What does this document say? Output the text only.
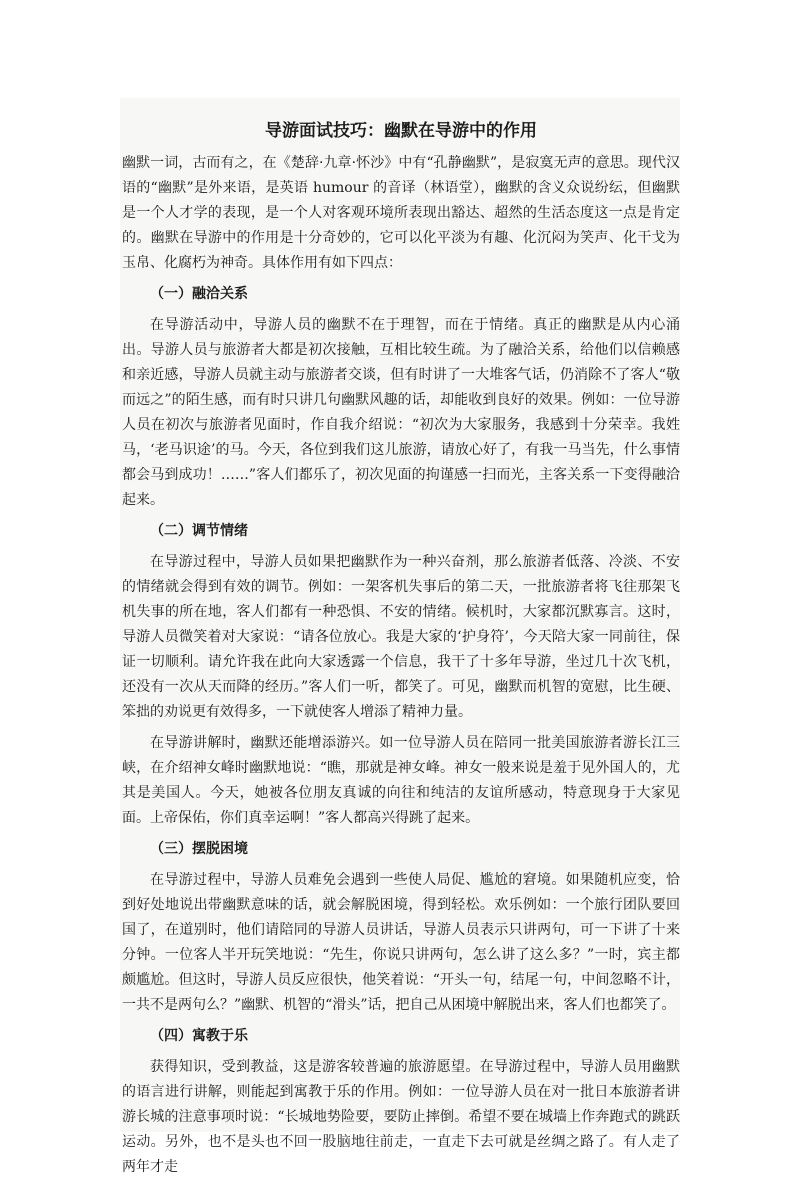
导游面试技巧：幽默在导游中的作用

幽默一词，古而有之，在《楚辞·九章·怀沙》中有“孔静幽默”，是寂寞无声的意思。现代汉语的“幽默”是外来语，是英语 humour 的音译（林语堂），幽默的含义众说纷纭，但幽默是一个人才学的表现，是一个人对客观环境所表现出豁达、超然的生活态度这一点是肯定的。幽默在导游中的作用是十分奇妙的，它可以化平淡为有趣、化沉闷为笑声、化干戈为玉帛、化腐朽为神奇。具体作用有如下四点：

（一）融洽关系

在导游活动中，导游人员的幽默不在于理智，而在于情绪。真正的幽默是从内心涌出。导游人员与旅游者大都是初次接触，互相比较生疏。为了融洽关系，给他们以信赖感和亲近感，导游人员就主动与旅游者交谈，但有时讲了一大堆客气话，仍消除不了客人“敬而远之”的陌生感，而有时只讲几句幽默风趣的话，却能收到良好的效果。例如：一位导游人员在初次与旅游者见面时，作自我介绍说：“初次为大家服务，我感到十分荣幸。我姓马，‘老马识途’的马。今天，各位到我们这儿旅游，请放心好了，有我一马当先，什么事情都会马到成功！……”客人们都乐了，初次见面的拘谨感一扫而光，主客关系一下变得融洽起来。

（二）调节情绪

在导游过程中，导游人员如果把幽默作为一种兴奋剂，那么旅游者低落、冷淡、不安的情绪就会得到有效的调节。例如：一架客机失事后的第二天，一批旅游者将飞往那架飞机失事的所在地，客人们都有一种恐惧、不安的情绪。候机时，大家都沉默寡言。这时，导游人员微笑着对大家说：“请各位放心。我是大家的‘护身符’，今天陪大家一同前往，保证一切顺利。请允许我在此向大家透露一个信息，我干了十多年导游，坐过几十次飞机，还没有一次从天而降的经历。”客人们一听，都笑了。可见，幽默而机智的宽慰，比生硬、笨拙的劝说更有效得多，一下就使客人增添了精神力量。

在导游讲解时，幽默还能增添游兴。如一位导游人员在陪同一批美国旅游者游长江三峡，在介绍神女峰时幽默地说：“瞧，那就是神女峰。神女一般来说是羞于见外国人的，尤其是美国人。今天，她被各位朋友真诚的向往和纯洁的友谊所感动，特意现身于大家见面。上帝保佑，你们真幸运啊！”客人都高兴得跳了起来。

（三）摆脱困境

在导游过程中，导游人员难免会遇到一些使人局促、尴尬的窘境。如果随机应变，恰到好处地说出带幽默意味的话，就会解脱困境，得到轻松。欢乐例如：一个旅行团队要回国了，在道别时，他们请陪同的导游人员讲话，导游人员表示只讲两句，可一下讲了十来分钟。一位客人半开玩笑地说：“先生，你说只讲两句，怎么讲了这么多？”一时，宾主都颇尴尬。但这时，导游人员反应很快，他笑着说：“开头一句，结尾一句，中间忽略不计，一共不是两句么？”幽默、机智的“滑头”话，把自己从困境中解脱出来，客人们也都笑了。

（四）寓教于乐

获得知识，受到教益，这是游客较普遍的旅游愿望。在导游过程中，导游人员用幽默的语言进行讲解，则能起到寓教于乐的作用。例如：一位导游人员在对一批日本旅游者讲游长城的注意事项时说：“长城地势险要，要防止摔倒。希望不要在城墙上作奔跑式的跳跃运动。另外，也不是头也不回一股脑地往前走，一直走下去可就是丝绸之路了。有人走了两年才走
